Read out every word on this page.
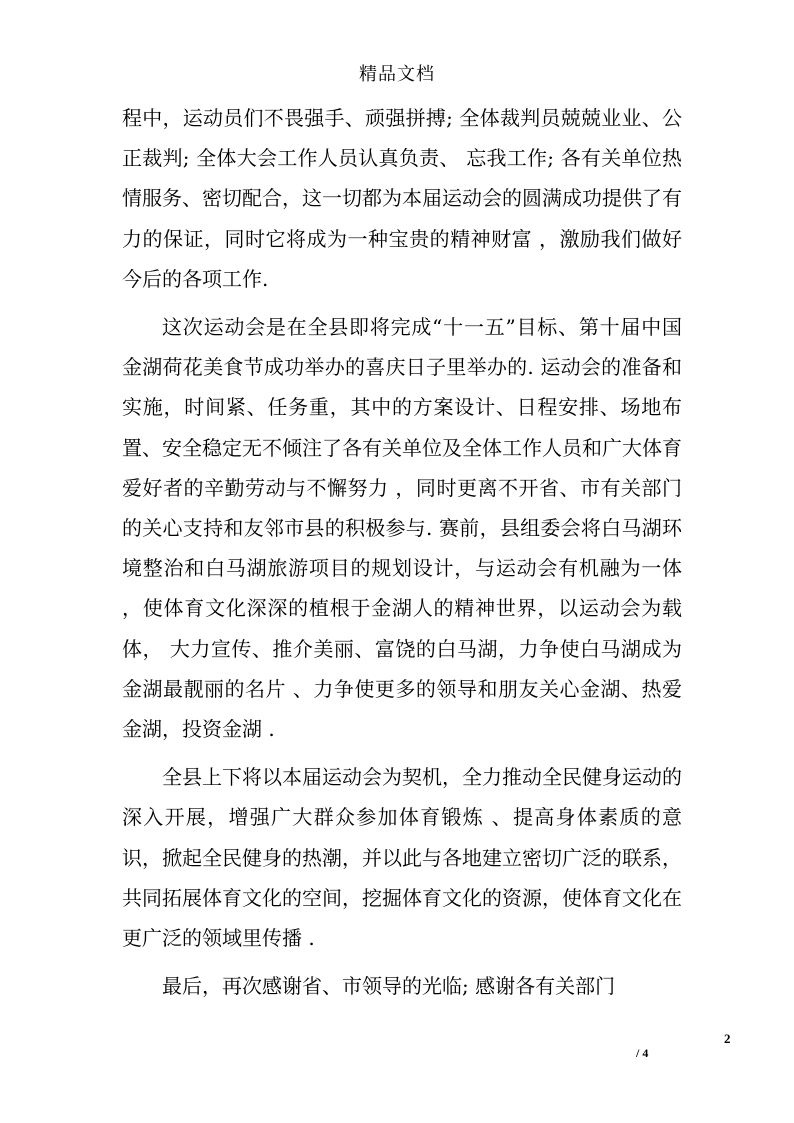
精品文档

程中，运动员们不畏强手、顽强拼搏; 全体裁判员兢兢业业、公正裁判; 全体大会工作人员认真负责、 忘我工作; 各有关单位热情服务、密切配合，这一切都为本届运动会的圆满成功提供了有力的保证，同时它将成为一种宝贵的精神财富 ，激励我们做好今后的各项工作.

这次运动会是在全县即将完成“十一五”目标、第十届中国金湖荷花美食节成功举办的喜庆日子里举办的. 运动会的准备和实施，时间紧、任务重，其中的方案设计、日程安排、场地布置、安全稳定无不倾注了各有关单位及全体工作人员和广大体育爱好者的辛勤劳动与不懈努力 ，同时更离不开省、市有关部门的关心支持和友邻市县的积极参与. 赛前，县组委会将白马湖环境整治和白马湖旅游项目的规划设计，与运动会有机融为一体 ，使体育文化深深的植根于金湖人的精神世界，以运动会为载体， 大力宣传、推介美丽、富饶的白马湖，力争使白马湖成为金湖最靓丽的名片 、力争使更多的领导和朋友关心金湖、热爱金湖，投资金湖 .

全县上下将以本届运动会为契机，全力推动全民健身运动的深入开展，增强广大群众参加体育锻炼 、提高身体素质的意识，掀起全民健身的热潮，并以此与各地建立密切广泛的联系，共同拓展体育文化的空间，挖掘体育文化的资源，使体育文化在更广泛的领域里传播 .

最后，再次感谢省、市领导的光临; 感谢各有关部门

2
/ 4
